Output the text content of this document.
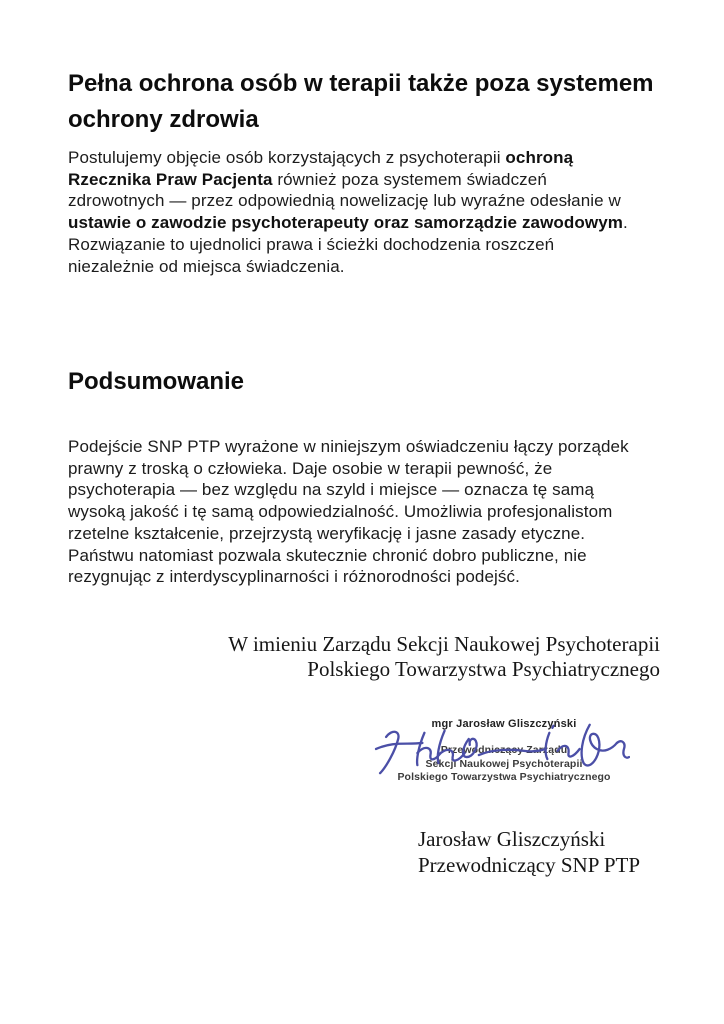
Pełna ochrona osób w terapii także poza systemem ochrony zdrowia
Postulujemy objęcie osób korzystających z psychoterapii ochroną
Rzecznika Praw Pacjenta również poza systemem świadczeń
zdrowotnych — przez odpowiednią nowelizację lub wyraźne odesłanie w
ustawie o zawodzie psychoterapeuty oraz samorządzie zawodowym.
Rozwiązanie to ujednolici prawa i ścieżki dochodzenia roszczeń
niezależnie od miejsca świadczenia.
Podsumowanie
Podejście SNP PTP wyrażone w niniejszym oświadczeniu łączy porządek
prawny z troską o człowieka. Daje osobie w terapii pewność, że
psychoterapia — bez względu na szyld i miejsce — oznacza tę samą
wysoką jakość i tę samą odpowiedzialność. Umożliwia profesjonalistom
rzetelne kształcenie, przejrzystą weryfikację i jasne zasady etyczne.
Państwu natomiast pozwala skutecznie chronić dobro publiczne, nie
rezygnując z interdyscyplinarności i różnorodności podejść.
W imieniu Zarządu Sekcji Naukowej Psychoterapii
Polskiego Towarzystwa Psychiatrycznego
mgr Jarosław Gliszczyński
Przewodniczący Zarządu
Sekcji Naukowej Psychoterapii
Polskiego Towarzystwa Psychiatrycznego
Jarosław Gliszczyński
Przewodniczący SNP PTP
